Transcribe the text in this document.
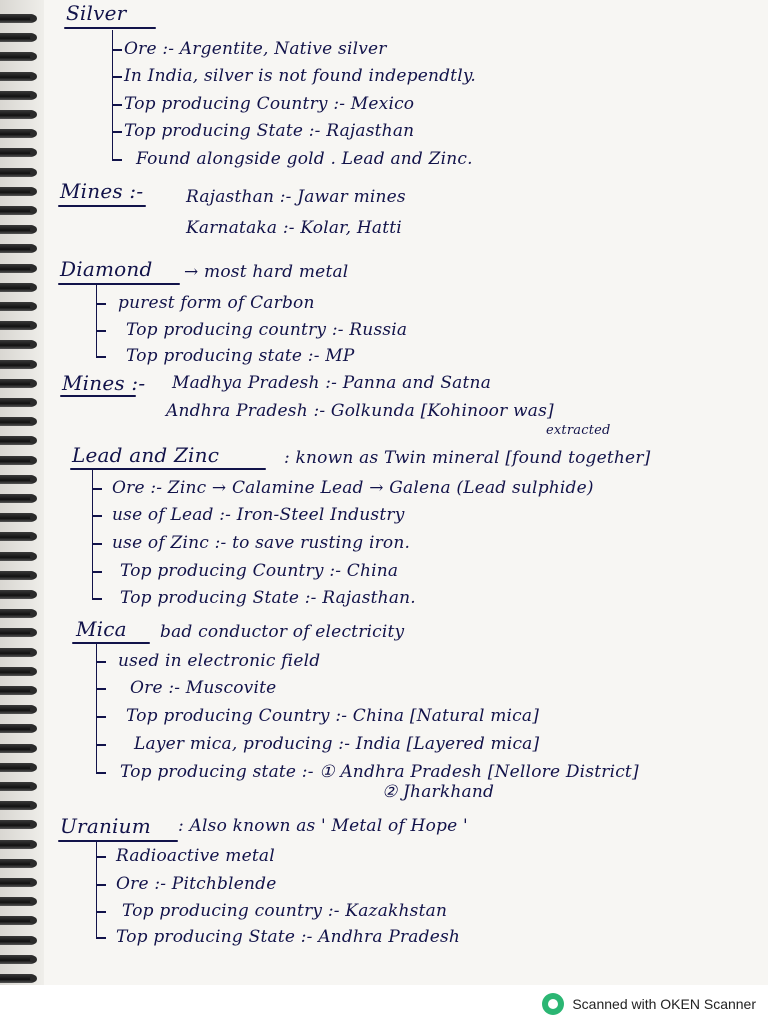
Silver
Ore :- Argentite, Native silver
In India, silver is not found independtly.
Top producing Country :- Mexico
Top producing State :- Rajasthan
Found alongside gold . Lead and Zinc.
Mines :-	Rajasthan :- Jawar mines
Karnataka :- Kolar, Hatti
Diamond → most hard metal
purest form of Carbon
Top producing country :- Russia
Top producing state :- MP
Mines :- Madhya Pradesh :- Panna and Satna
Andhra Pradesh :- Golkunda [Kohinoor was]
extracted
Lead and Zinc	: known as Twin mineral [found together]
Ore :- Zinc → Calamine Lead → Galena (Lead sulphide)
use of Lead :- Iron-Steel Industry
use of Zinc :- to save rusting iron.
Top producing Country :- China
Top producing State :- Rajasthan.
Mica bad conductor of electricity
used in electronic field
Ore :- Muscovite
Top producing Country :- China [Natural mica]
Layer mica, producing :- India [Layered mica]
Top producing state :- ① Andhra Pradesh [Nellore District]
② Jharkhand
Uranium : Also known as ' Metal of Hope '
Radioactive metal
Ore :- Pitchblende
Top producing country :- Kazakhstan
Top producing State :- Andhra Pradesh
Scanned with OKEN Scanner
